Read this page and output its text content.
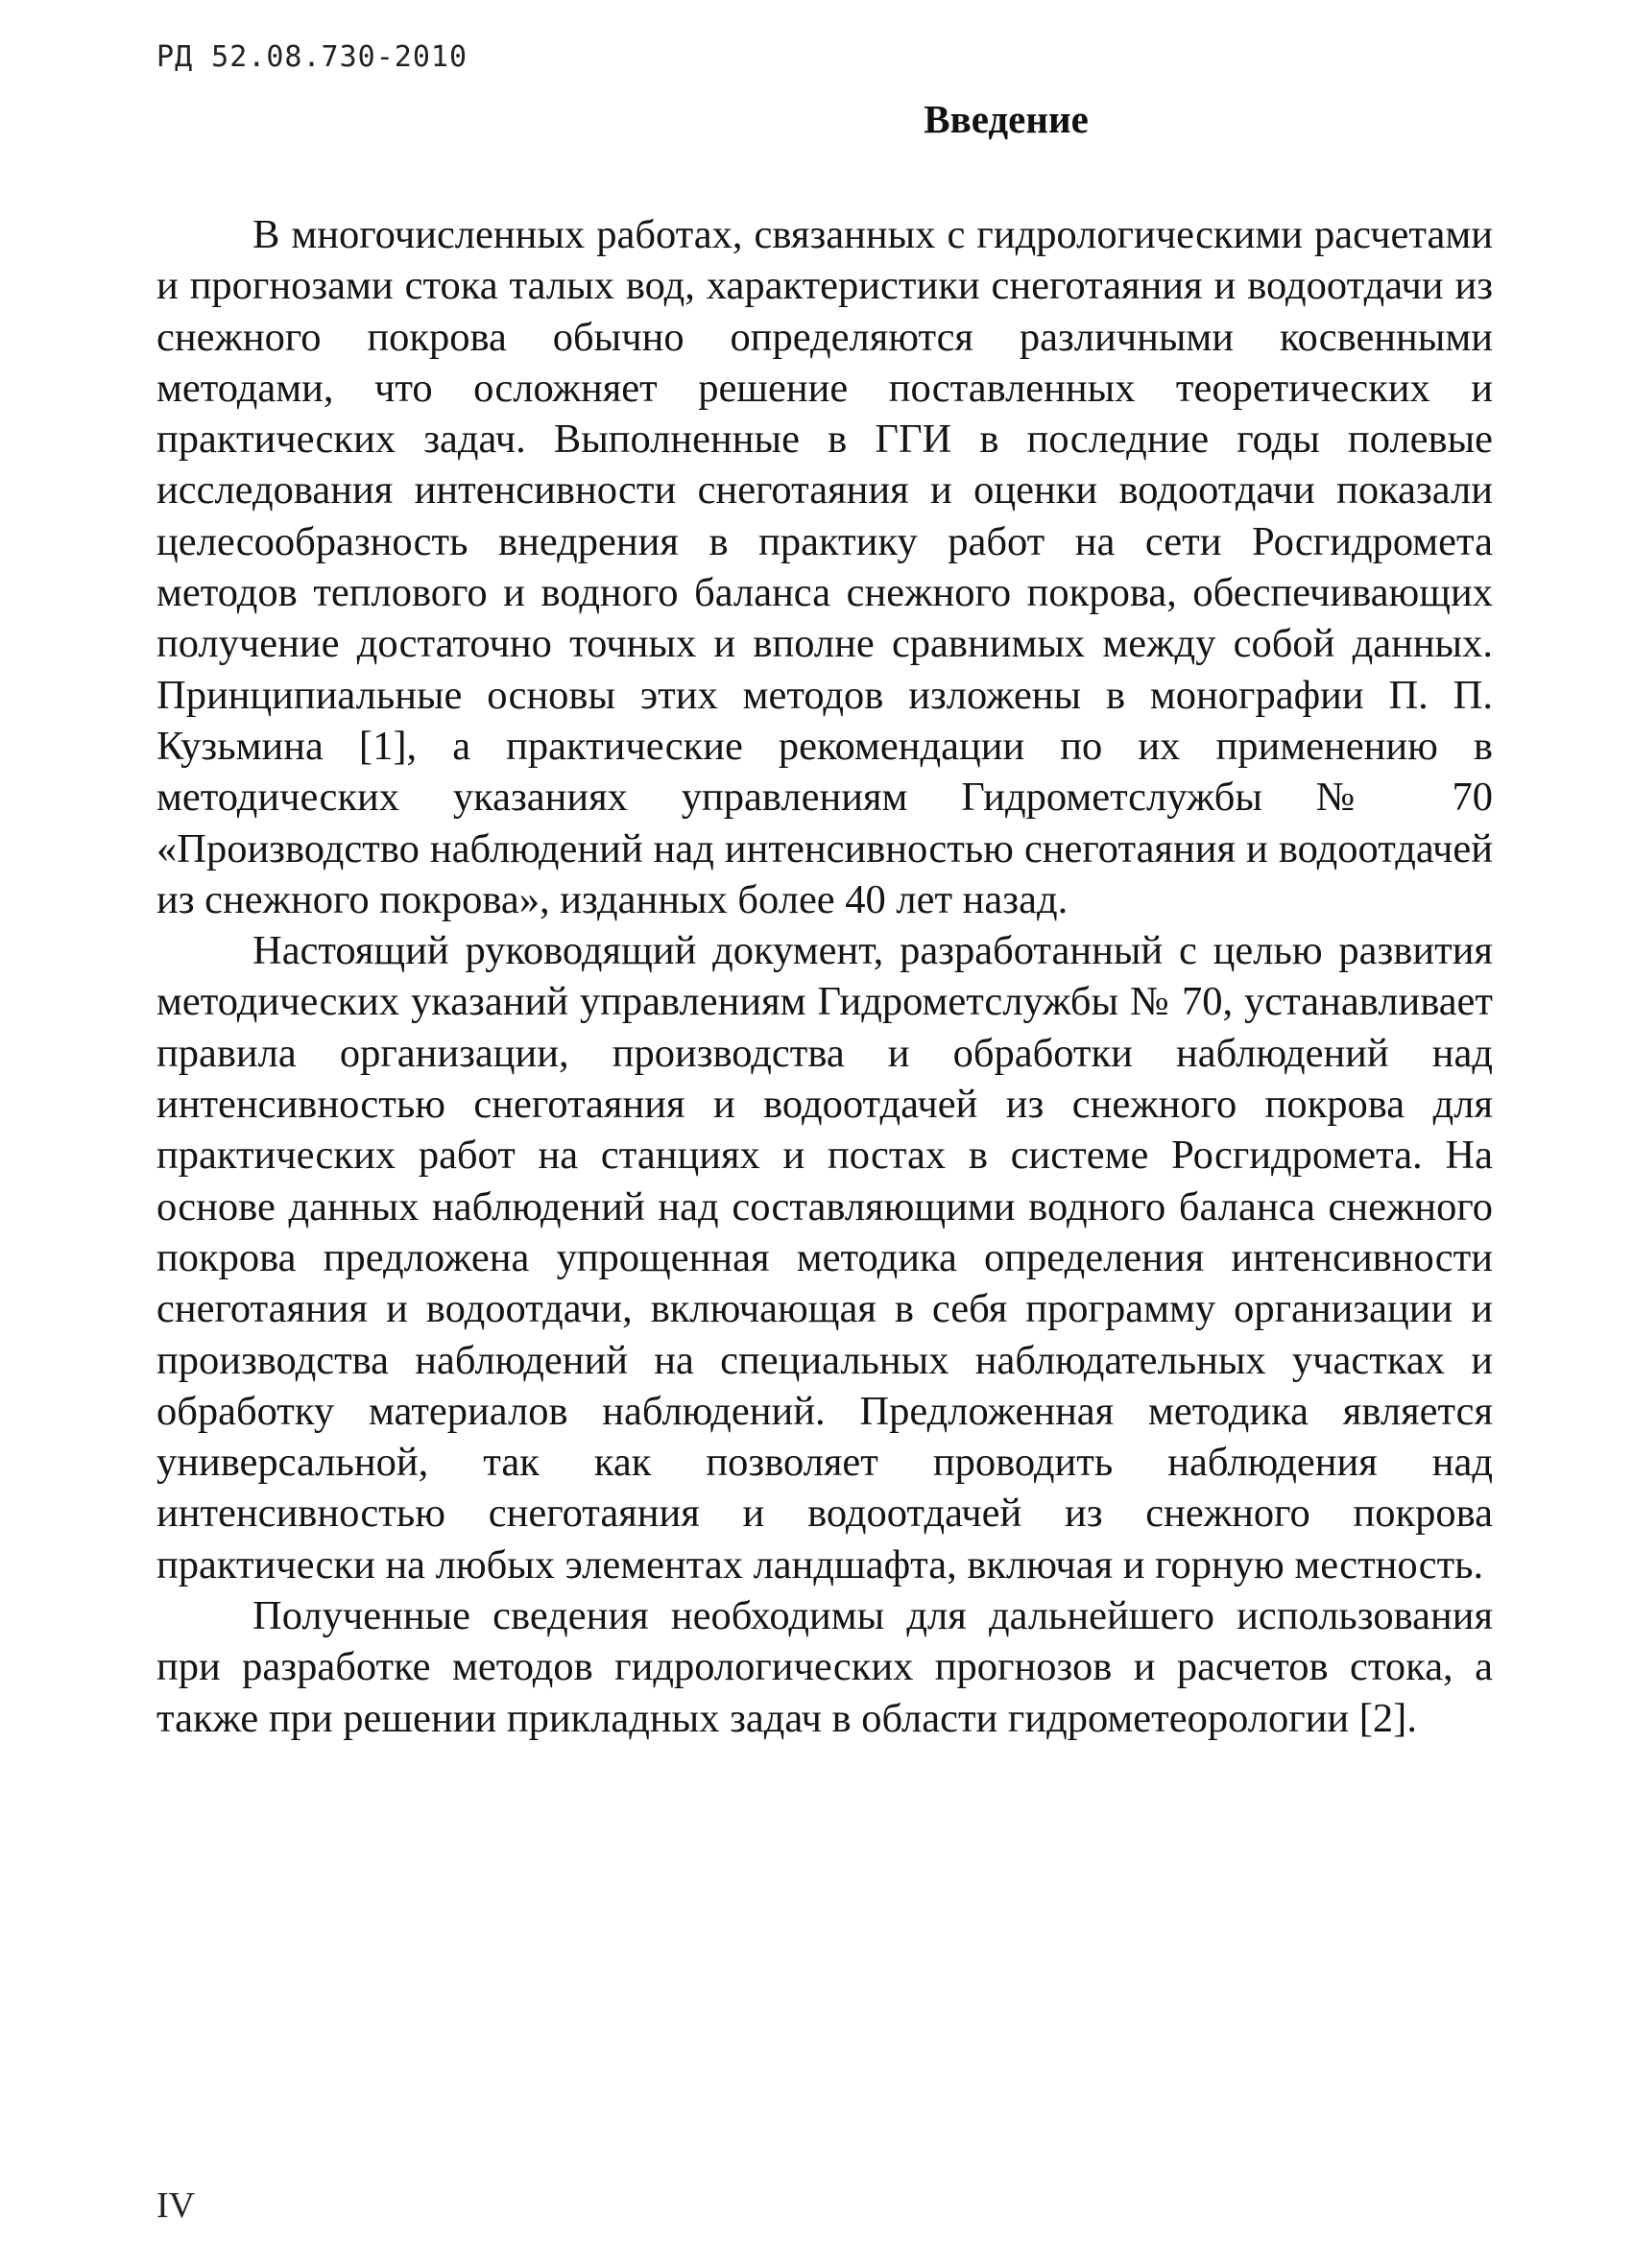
РД 52.08.730-2010
Введение

В многочисленных работах, связанных с гидрологическими расчетами и прогнозами стока талых вод, характеристики снеготаяния и водоотдачи из снежного покрова обычно определяются различными косвенными методами, что осложняет решение поставленных теоретических и практических задач. Выполненные в ГГИ в последние годы полевые исследования интенсивности снеготаяния и оценки водоотдачи показали целесообразность внедрения в практику работ на сети Росгидромета методов теплового и водного баланса снежного покрова, обеспечивающих получение достаточно точных и вполне сравнимых между собой данных. Принципиальные основы этих методов изложены в монографии П. П. Кузьмина [1], а практические рекомендации по их применению в методических указаниях управлениям Гидрометслужбы № 70 «Производство наблюдений над интенсивностью снеготаяния и водоотдачей из снежного покрова», изданных более 40 лет назад.

Настоящий руководящий документ, разработанный с целью развития методических указаний управлениям Гидрометслужбы № 70, устанавливает правила организации, производства и обработки наблюдений над интенсивностью снеготаяния и водоотдачей из снежного покрова для практических работ на станциях и постах в системе Росгидромета. На основе данных наблюдений над составляющими водного баланса снежного покрова предложена упрощенная методика определения интенсивности снеготаяния и водоотдачи, включающая в себя программу организации и производства наблюдений на специальных наблюдательных участках и обработку материалов наблюдений. Предложенная методика является универсальной, так как позволяет проводить наблюдения над интенсивностью снеготаяния и водоотдачей из снежного покрова практически на любых элементах ландшафта, включая и горную местность.

Полученные сведения необходимы для дальнейшего использования при разработке методов гидрологических прогнозов и расчетов стока, а также при решении прикладных задач в области гидрометеорологии [2].

IV
